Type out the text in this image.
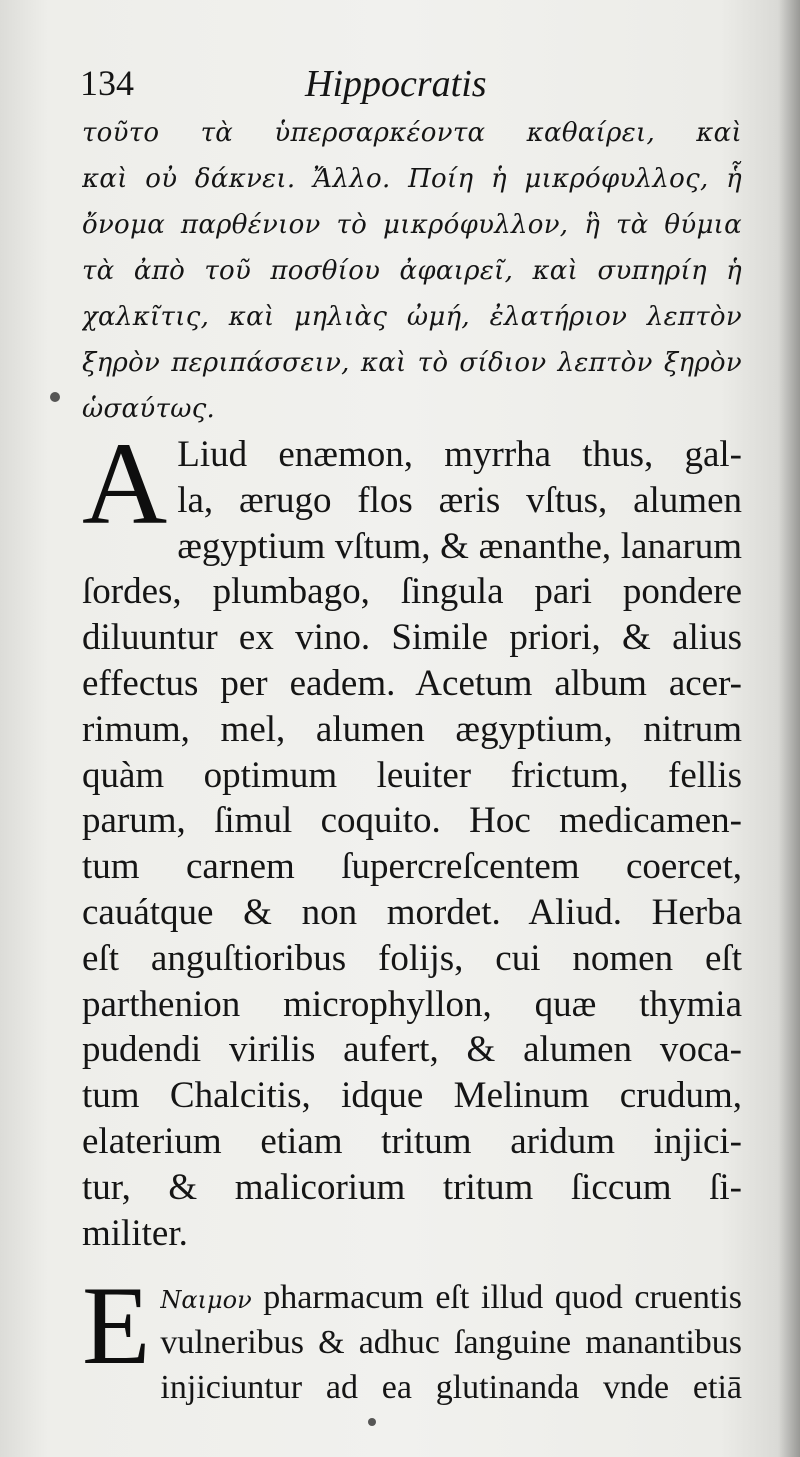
134	Hippocratis
τοῦτο τὰ ὑπερσαρκέοντα καθαίρει, καὶ
καὶ οὐ δάκνει. Ἄλλο. Ποίη ἡ μικρόφυλλος, ἧ
ὄνομα παρθένιον τὸ μικρόφυλλον, ἣ τὰ θύμια
τὰ ἀπὸ τοῦ ποσθίου ἀφαιρεῖ, καὶ συπηρίη ἡ
χαλκῖτις, καὶ μηλιὰς ὠμή, ἐλατήριον λεπτὸν
ξηρὸν περιπάσσειν, καὶ τὸ σίδιον λεπτὸν ξηρὸν
ὡσαύτως.
A Liud enæmon, myrrha thus, gal-
la, ærugo flos æris vſtus, alumen
ægyptium vſtum, & ænanthe, lanarum
ſordes, plumbago, ſingula pari pondere
diluuntur ex vino. Simile priori, & alius
effectus per eadem. Acetum album acer-
rimum, mel, alumen ægyptium, nitrum
quàm optimum leuiter frictum, fellis
parum, ſimul coquito. Hoc medicamen-
tum carnem ſupercreſcentem coercet,
cauátque & non mordet. Aliud. Herba
eſt anguſtioribus folijs, cui nomen eſt
parthenion microphyllon, quæ thymia
pudendi virilis aufert, & alumen voca-
tum Chalcitis, idque Melinum crudum,
elaterium etiam tritum aridum injici-
tur, & malicorium tritum ſiccum ſi-
militer.
E Ναιμον pharmacum eſt illud quod cruentis
vulneribus & adhuc ſanguine manantibus
injiciuntur ad ea glutinanda vnde etiā
